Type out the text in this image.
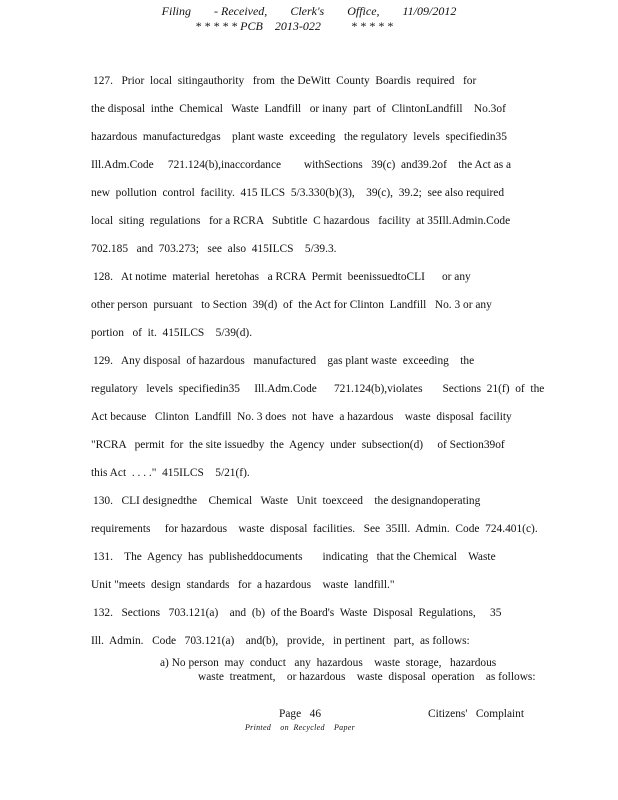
Filing - Received, Clerk's Office, 11/09/2012
* * * * * PCB    2013-022          * * * * *
127.   Prior  local  sitingauthority   from  the DeWitt  County  Boardis  required   for
the disposal  inthe  Chemical   Waste  Landfill   or inany  part  of  ClintonLandfill    No.3of
hazardous  manufacturedgas    plant waste  exceeding   the regulatory  levels  specifiedin35
Ill.Adm.Code     721.124(b),inaccordance        withSections   39(c)  and39.2of    the Act as a
new  pollution  control  facility.  415 ILCS  5/3.330(b)(3),    39(c),  39.2;  see also required
local  siting  regulations   for a RCRA   Subtitle  C hazardous   facility  at 35Ill.Admin.Code
702.185   and  703.273;   see  also  415ILCS    5/39.3.
128.   At notime  material  heretohas   a RCRA  Permit  beenissuedtoCLI      or any
other person  pursuant   to Section  39(d)  of  the Act for Clinton  Landfill   No. 3 or any
portion   of  it.  415ILCS    5/39(d).
129.   Any disposal  of hazardous   manufactured    gas plant waste  exceeding    the
regulatory   levels  specifiedin35     Ill.Adm.Code      721.124(b),violates       Sections  21(f)  of  the
Act because   Clinton  Landfill  No. 3 does  not  have  a hazardous    waste  disposal  facility
"RCRA   permit  for  the site issuedby  the  Agency  under  subsection(d)     of Section39of
this Act  . . . ."  415ILCS    5/21(f).
130.   CLI designedthe    Chemical   Waste   Unit  toexceed    the designandoperating
requirements     for hazardous    waste  disposal  facilities.   See  35Ill.  Admin.  Code  724.401(c).
131.    The  Agency  has  publisheddocuments       indicating   that the Chemical    Waste
Unit "meets  design  standards   for  a hazardous    waste  landfill."
132.   Sections   703.121(a)    and  (b)  of the Board's  Waste  Disposal  Regulations,     35
Ill.  Admin.   Code   703.121(a)    and(b),   provide,   in pertinent   part,  as follows:
a) No person  may  conduct   any  hazardous    waste  storage,   hazardous
waste  treatment,    or hazardous    waste  disposal  operation    as follows:
Page   46	Citizens'   Complaint
Printed    on  Recycled    Paper
